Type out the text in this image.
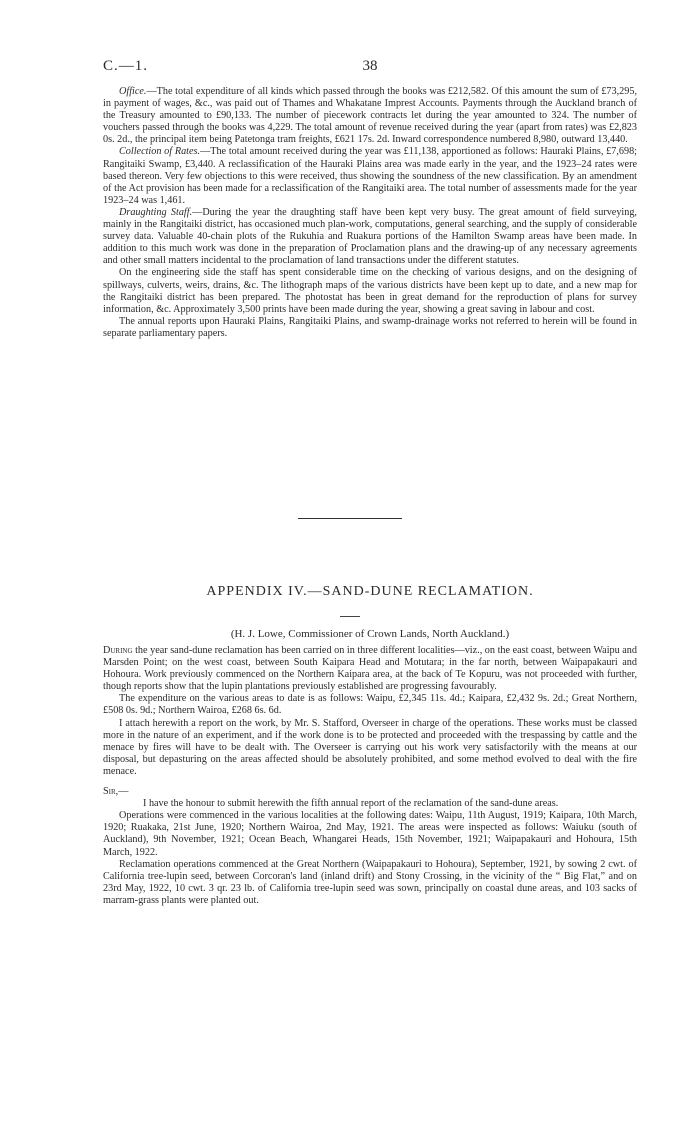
C.—1.	38

Office.—The total expenditure of all kinds which passed through the books was £212,582. Of this amount the sum of £73,295, in payment of wages, &c., was paid out of Thames and Whakatane Imprest Accounts. Payments through the Auckland branch of the Treasury amounted to £90,133. The number of piecework contracts let during the year amounted to 324. The number of vouchers passed through the books was 4,229. The total amount of revenue received during the year (apart from rates) was £2,823 0s. 2d., the principal item being Patetonga tram freights, £621 17s. 2d. Inward correspondence numbered 8,980, outward 13,440.

Collection of Rates.—The total amount received during the year was £11,138, apportioned as follows: Hauraki Plains, £7,698; Rangitaiki Swamp, £3,440. A reclassification of the Hauraki Plains area was made early in the year, and the 1923–24 rates were based thereon. Very few objections to this were received, thus showing the soundness of the new classification. By an amendment of the Act provision has been made for a reclassification of the Rangitaiki area. The total number of assessments made for the year 1923–24 was 1,461.

Draughting Staff.—During the year the draughting staff have been kept very busy. The great amount of field surveying, mainly in the Rangitaiki district, has occasioned much plan-work, computations, general searching, and the supply of considerable survey data. Valuable 40-chain plots of the Rukuhia and Ruakura portions of the Hamilton Swamp areas have been made. In addition to this much work was done in the preparation of Proclamation plans and the drawing-up of any necessary agreements and other small matters incidental to the proclamation of land transactions under the different statutes.

On the engineering side the staff has spent considerable time on the checking of various designs, and on the designing of spillways, culverts, weirs, drains, &c. The lithograph maps of the various districts have been kept up to date, and a new map for the Rangitaiki district has been prepared. The photostat has been in great demand for the reproduction of plans for survey information, &c. Approximately 3,500 prints have been made during the year, showing a great saving in labour and cost.

The annual reports upon Hauraki Plains, Rangitaiki Plains, and swamp-drainage works not referred to herein will be found in separate parliamentary papers.

APPENDIX IV.—SAND-DUNE RECLAMATION.
(H. J. Lowe, Commissioner of Crown Lands, North Auckland.)

During the year sand-dune reclamation has been carried on in three different localities—viz., on the east coast, between Waipu and Marsden Point; on the west coast, between South Kaipara Head and Motutara; in the far north, between Waipapakauri and Hohoura. Work previously commenced on the Northern Kaipara area, at the back of Te Kopuru, was not proceeded with further, though reports show that the lupin plantations previously established are progressing favourably.

The expenditure on the various areas to date is as follows: Waipu, £2,345 11s. 4d.; Kaipara, £2,432 9s. 2d.; Great Northern, £508 0s. 9d.; Northern Wairoa, £268 6s. 6d.

I attach herewith a report on the work, by Mr. S. Stafford, Overseer in charge of the operations. These works must be classed more in the nature of an experiment, and if the work done is to be protected and proceeded with the trespassing by cattle and the menace by fires will have to be dealt with. The Overseer is carrying out his work very satisfactorily with the means at our disposal, but depasturing on the areas affected should be absolutely prohibited, and some method evolved to deal with the fire menace.

Sir,—

I have the honour to submit herewith the fifth annual report of the reclamation of the sand-dune areas.

Operations were commenced in the various localities at the following dates: Waipu, 11th August, 1919; Kaipara, 10th March, 1920; Ruakaka, 21st June, 1920; Northern Wairoa, 2nd May, 1921. The areas were inspected as follows: Waiuku (south of Auckland), 9th November, 1921; Ocean Beach, Whangarei Heads, 15th November, 1921; Waipapakauri and Hohoura, 15th March, 1922.

Reclamation operations commenced at the Great Northern (Waipapakauri to Hohoura), September, 1921, by sowing 2 cwt. of California tree-lupin seed, between Corcoran's land (inland drift) and Stony Crossing, in the vicinity of the “ Big Flat,” and on 23rd May, 1922, 10 cwt. 3 qr. 23 lb. of California tree-lupin seed was sown, principally on coastal dune areas, and 103 sacks of marram-grass plants were planted out.
